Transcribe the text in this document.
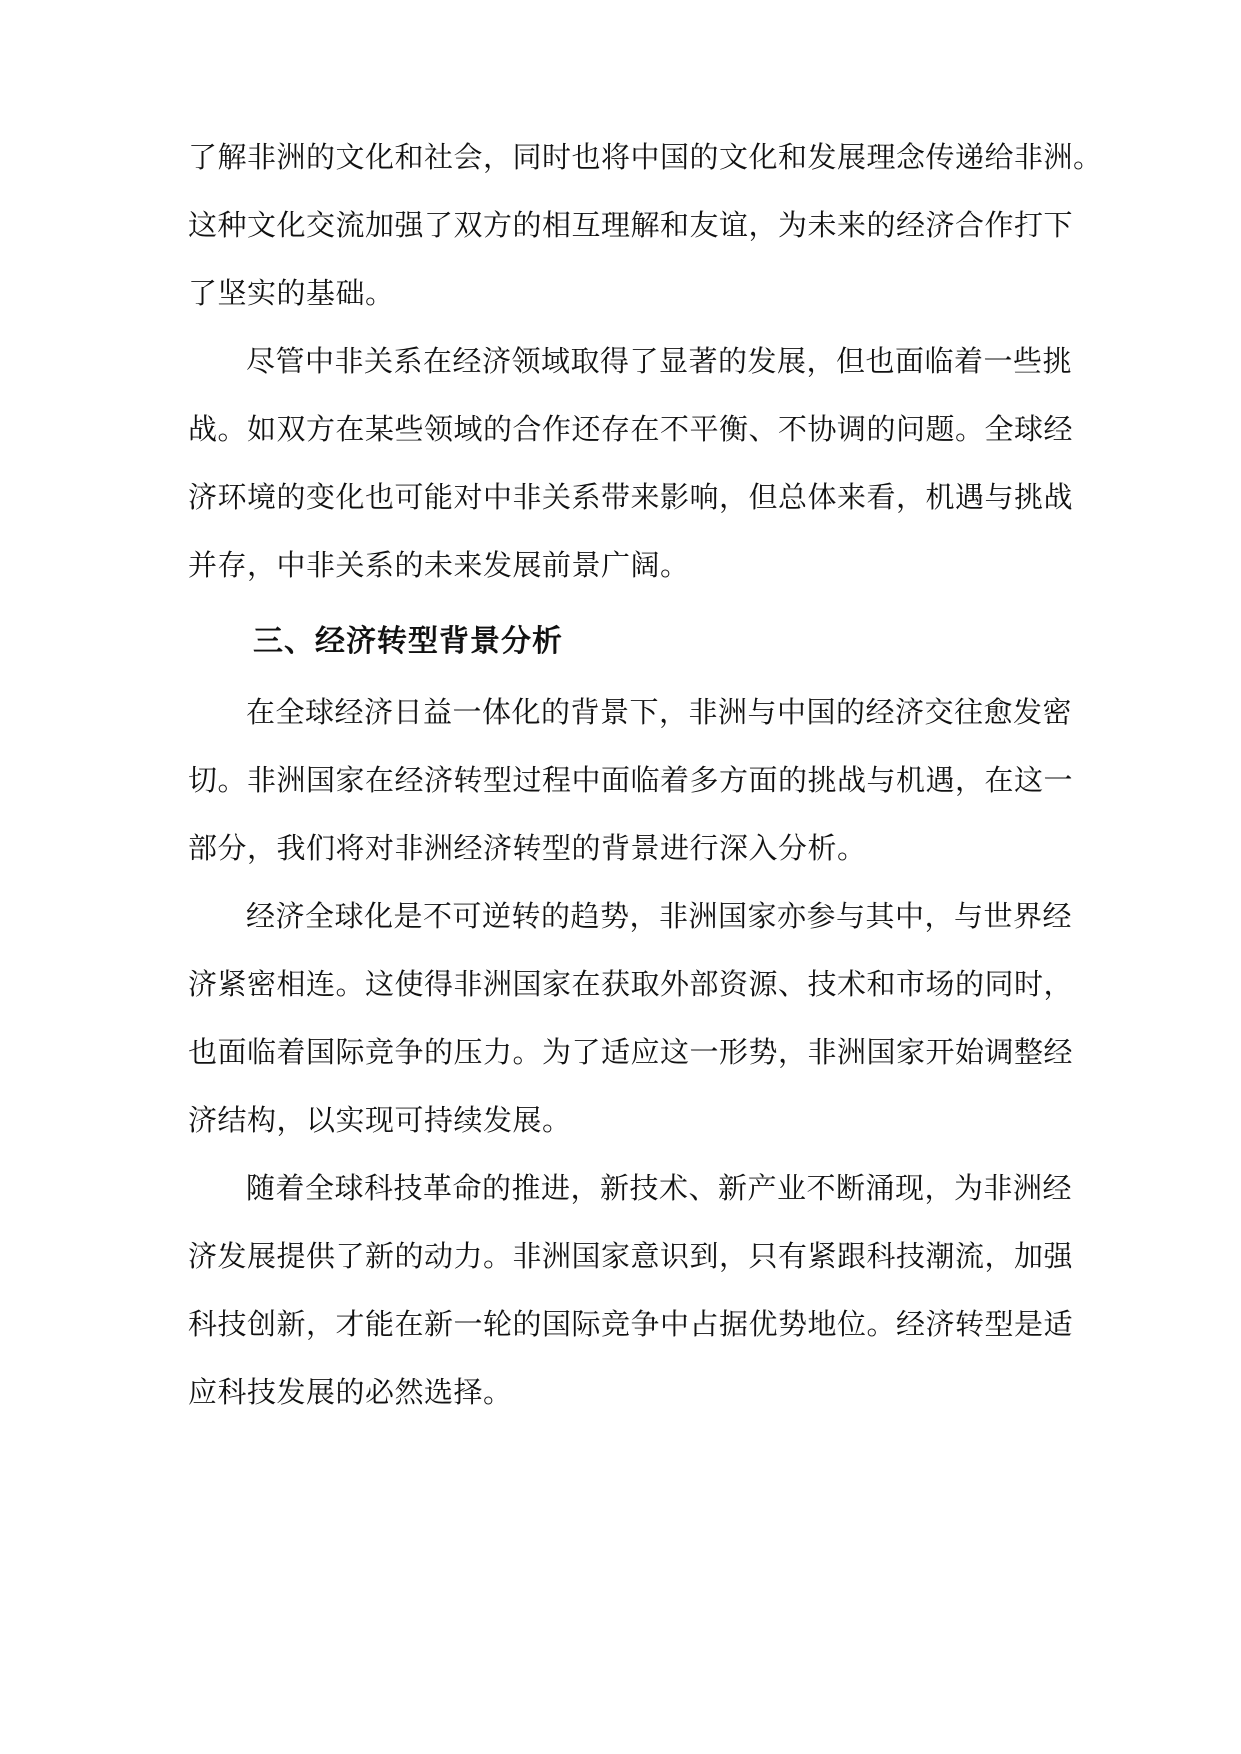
了解非洲的文化和社会，同时也将中国的文化和发展理念传递给非洲。
这种文化交流加强了双方的相互理解和友谊，为未来的经济合作打下
了坚实的基础。
尽管中非关系在经济领域取得了显著的发展，但也面临着一些挑
战。如双方在某些领域的合作还存在不平衡、不协调的问题。全球经
济环境的变化也可能对中非关系带来影响，但总体来看，机遇与挑战
并存，中非关系的未来发展前景广阔。
三、经济转型背景分析
在全球经济日益一体化的背景下，非洲与中国的经济交往愈发密
切。非洲国家在经济转型过程中面临着多方面的挑战与机遇，在这一
部分，我们将对非洲经济转型的背景进行深入分析。
经济全球化是不可逆转的趋势，非洲国家亦参与其中，与世界经
济紧密相连。这使得非洲国家在获取外部资源、技术和市场的同时，
也面临着国际竞争的压力。为了适应这一形势，非洲国家开始调整经
济结构，以实现可持续发展。
随着全球科技革命的推进，新技术、新产业不断涌现，为非洲经
济发展提供了新的动力。非洲国家意识到，只有紧跟科技潮流，加强
科技创新，才能在新一轮的国际竞争中占据优势地位。经济转型是适
应科技发展的必然选择。
